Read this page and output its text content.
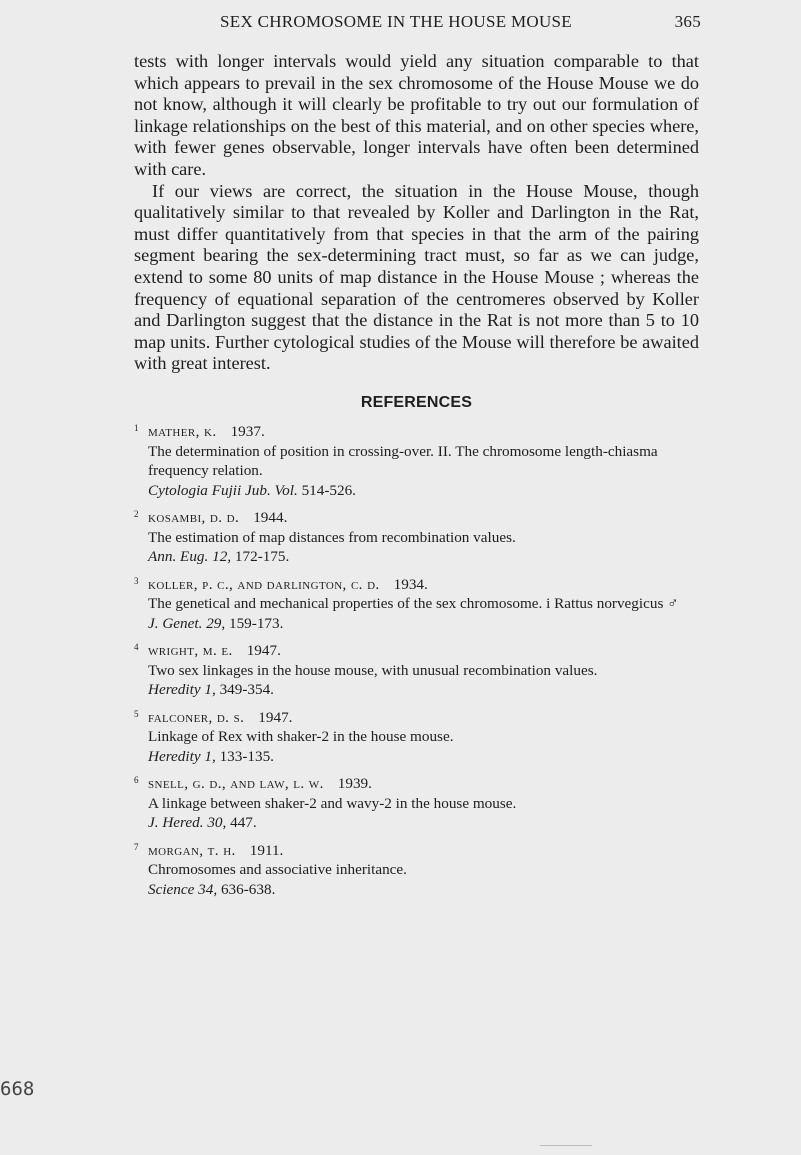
SEX CHROMOSOME IN THE HOUSE MOUSE	365

tests with longer intervals would yield any situation comparable to that which appears to prevail in the sex chromosome of the House Mouse we do not know, although it will clearly be profitable to try out our formulation of linkage relationships on the best of this material, and on other species where, with fewer genes observable, longer intervals have often been determined with care.

If our views are correct, the situation in the House Mouse, though qualitatively similar to that revealed by Koller and Darlington in the Rat, must differ quantitatively from that species in that the arm of the pairing segment bearing the sex-determining tract must, so far as we can judge, extend to some 80 units of map distance in the House Mouse ; whereas the frequency of equational separation of the centromeres observed by Koller and Darlington suggest that the distance in the Rat is not more than 5 to 10 map units. Further cytological studies of the Mouse will therefore be awaited with great interest.

REFERENCES
1 mather, k. 1937.
The determination of position in crossing-over. II. The chromosome length-chiasma frequency relation.
Cytologia Fujii Jub. Vol. 514-526.
2 kosambi, d. d. 1944.
The estimation of map distances from recombination values.
Ann. Eug. 12, 172-175.
3 koller, p. c., and darlington, c. d. 1934.
The genetical and mechanical properties of the sex chromosome. i Rattus norvegicus ♂
J. Genet. 29, 159-173.
4 wright, m. e. 1947.
Two sex linkages in the house mouse, with unusual recombination values.
Heredity 1, 349-354.
5 falconer, d. s. 1947.
Linkage of Rex with shaker-2 in the house mouse.
Heredity 1, 133-135.
6 snell, g. d., and law, l. w. 1939.
A linkage between shaker-2 and wavy-2 in the house mouse.
J. Hered. 30, 447.
7 morgan, t. h. 1911.
Chromosomes and associative inheritance.
Science 34, 636-638.
668
